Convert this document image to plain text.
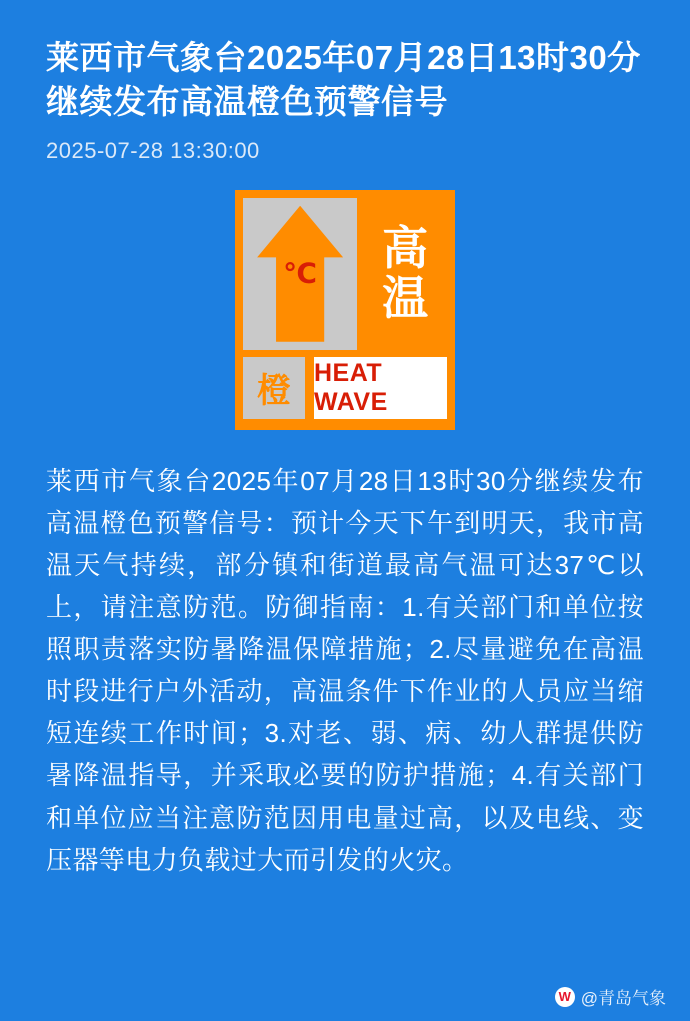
莱西市气象台2025年07月28日13时30分继续发布高温橙色预警信号
2025-07-28 13:30:00
℃ 高
温
橙 HEAT WAVE

莱西市气象台2025年07月28日13时30分继续发布高温橙色预警信号：预计今天下午到明天，我市高温天气持续，部分镇和街道最高气温可达37℃以上，请注意防范。防御指南：1.有关部门和单位按照职责落实防暑降温保障措施；2.尽量避免在高温时段进行户外活动，高温条件下作业的人员应当缩短连续工作时间；3.对老、弱、病、幼人群提供防暑降温指导，并采取必要的防护措施；4.有关部门和单位应当注意防范因用电量过高，以及电线、变压器等电力负载过大而引发的火灾。

W @青岛气象
